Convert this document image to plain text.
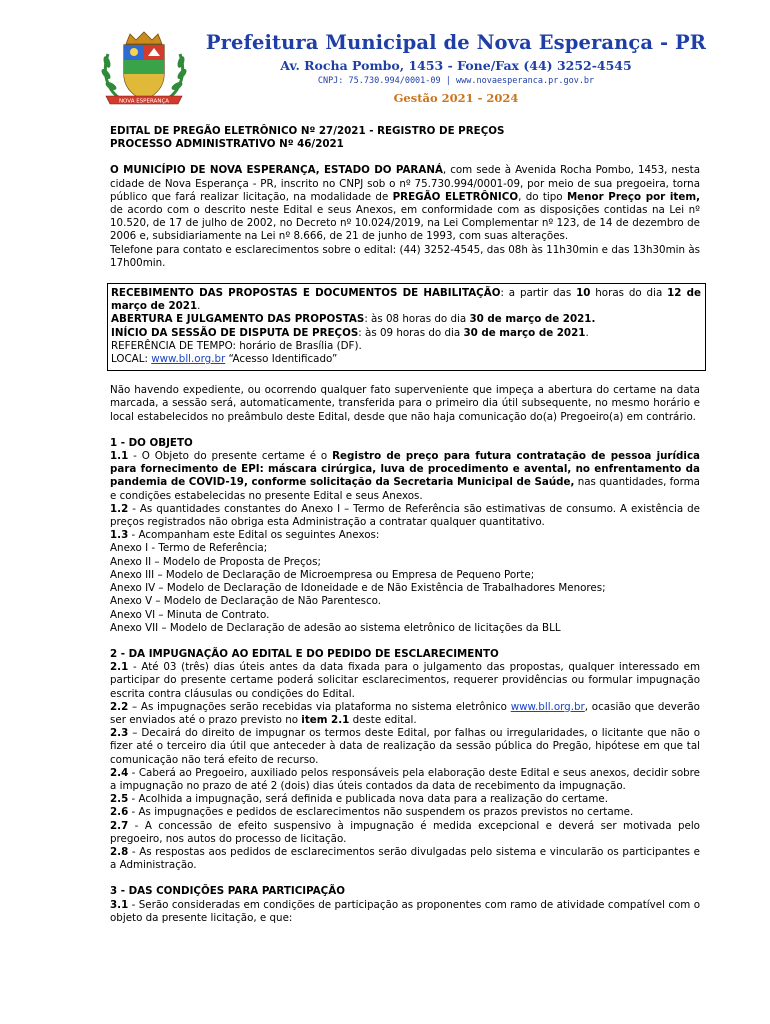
NOVA ESPERANÇA
Prefeitura Municipal de Nova Esperança - PR
Av. Rocha Pombo, 1453 - Fone/Fax (44) 3252-4545
CNPJ: 75.730.994/0001-09 | www.novaesperanca.pr.gov.br
Gestão 2021 - 2024

EDITAL DE PREGÃO ELETRÔNICO Nº 27/2021 - REGISTRO DE PREÇOS

PROCESSO ADMINISTRATIVO Nº 46/2021

O MUNICÍPIO DE NOVA ESPERANÇA, ESTADO DO PARANÁ, com sede à Avenida Rocha Pombo, 1453, nesta cidade de Nova Esperança - PR, inscrito no CNPJ sob o nº 75.730.994/0001-09, por meio de sua pregoeira, torna público que fará realizar licitação, na modalidade de PREGÃO ELETRÔNICO, do tipo Menor Preço por item, de acordo com o descrito neste Edital e seus Anexos, em conformidade com as disposições contidas na Lei nº 10.520, de 17 de julho de 2002, no Decreto nº 10.024/2019, na Lei Complementar nº 123, de 14 de dezembro de 2006 e, subsidiariamente na Lei nº 8.666, de 21 de junho de 1993, com suas alterações.

Telefone para contato e esclarecimentos sobre o edital: (44) 3252-4545, das 08h às 11h30min e das 13h30min às 17h00min.

RECEBIMENTO DAS PROPOSTAS E DOCUMENTOS DE HABILITAÇÃO: a partir das 10 horas do dia 12 de março de 2021.

ABERTURA E JULGAMENTO DAS PROPOSTAS: às 08 horas do dia 30 de março de 2021.

INÍCIO DA SESSÃO DE DISPUTA DE PREÇOS: às 09 horas do dia 30 de março de 2021.

REFERÊNCIA DE TEMPO: horário de Brasília (DF).

LOCAL: www.bll.org.br “Acesso Identificado”

Não havendo expediente, ou ocorrendo qualquer fato superveniente que impeça a abertura do certame na data marcada, a sessão será, automaticamente, transferida para o primeiro dia útil subsequente, no mesmo horário e local estabelecidos no preâmbulo deste Edital, desde que não haja comunicação do(a) Pregoeiro(a) em contrário.

1 - DO OBJETO

1.1 - O Objeto do presente certame é o Registro de preço para futura contratação de pessoa jurídica para fornecimento de EPI: máscara cirúrgica, luva de procedimento e avental, no enfrentamento da pandemia de COVID-19, conforme solicitação da Secretaria Municipal de Saúde, nas quantidades, forma e condições estabelecidas no presente Edital e seus Anexos.

1.2 - As quantidades constantes do Anexo I – Termo de Referência são estimativas de consumo. A existência de preços registrados não obriga esta Administração a contratar qualquer quantitativo.

1.3 - Acompanham este Edital os seguintes Anexos:

Anexo I - Termo de Referência;

Anexo II – Modelo de Proposta de Preços;

Anexo III – Modelo de Declaração de Microempresa ou Empresa de Pequeno Porte;

Anexo IV – Modelo de Declaração de Idoneidade e de Não Existência de Trabalhadores Menores;

Anexo V – Modelo de Declaração de Não Parentesco.

Anexo VI – Minuta de Contrato.

Anexo VII – Modelo de Declaração de adesão ao sistema eletrônico de licitações da BLL

2 - DA IMPUGNAÇÃO AO EDITAL E DO PEDIDO DE ESCLARECIMENTO

2.1 - Até 03 (três) dias úteis antes da data fixada para o julgamento das propostas, qualquer interessado em participar do presente certame poderá solicitar esclarecimentos, requerer providências ou formular impugnação escrita contra cláusulas ou condições do Edital.

2.2 – As impugnações serão recebidas via plataforma no sistema eletrônico www.bll.org.br, ocasião que deverão ser enviados até o prazo previsto no item 2.1 deste edital.

2.3 – Decairá do direito de impugnar os termos deste Edital, por falhas ou irregularidades, o licitante que não o fizer até o terceiro dia útil que anteceder à data de realização da sessão pública do Pregão, hipótese em que tal comunicação não terá efeito de recurso.

2.4 - Caberá ao Pregoeiro, auxiliado pelos responsáveis pela elaboração deste Edital e seus anexos, decidir sobre a impugnação no prazo de até 2 (dois) dias úteis contados da data de recebimento da impugnação.

2.5 - Acolhida a impugnação, será definida e publicada nova data para a realização do certame.

2.6 - As impugnações e pedidos de esclarecimentos não suspendem os prazos previstos no certame.

2.7 - A concessão de efeito suspensivo à impugnação é medida excepcional e deverá ser motivada pelo pregoeiro, nos autos do processo de licitação.

2.8 - As respostas aos pedidos de esclarecimentos serão divulgadas pelo sistema e vincularão os participantes e a Administração.

3 - DAS CONDIÇÕES PARA PARTICIPAÇÃO

3.1 - Serão consideradas em condições de participação as proponentes com ramo de atividade compatível com o objeto da presente licitação, e que:
